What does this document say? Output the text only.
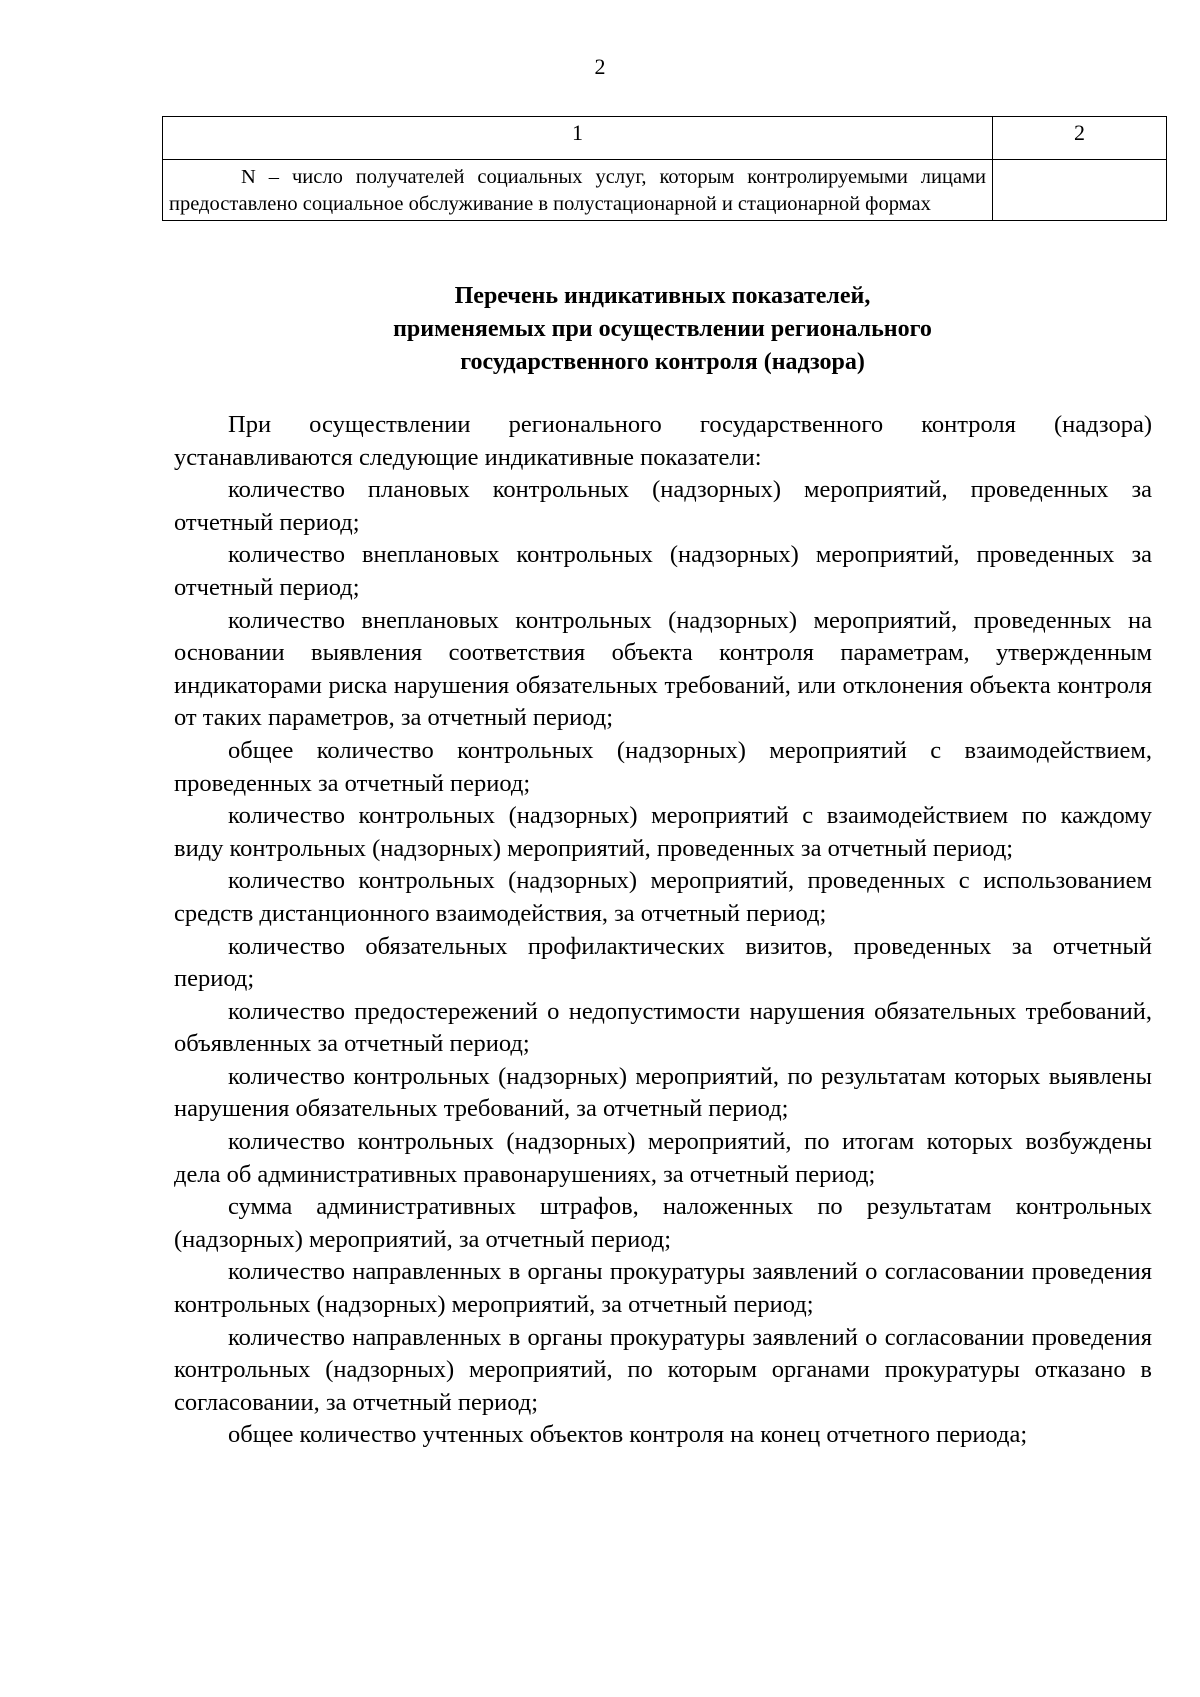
2
1	2
N – число получателей социальных услуг, которым контролируемыми лицами предоставлено социальное обслуживание в полустационарной и стационарной формах	
Перечень индикативных показателей,
применяемых при осуществлении регионального
государственного контроля (надзора)

При осуществлении регионального государственного контроля (надзора) устанавливаются следующие индикативные показатели:

количество плановых контрольных (надзорных) мероприятий, проведенных за отчетный период;

количество внеплановых контрольных (надзорных) мероприятий, проведенных за отчетный период;

количество внеплановых контрольных (надзорных) мероприятий, проведенных на основании выявления соответствия объекта контроля параметрам, утвержденным индикаторами риска нарушения обязательных требований, или отклонения объекта контроля от таких параметров, за отчетный период;

общее количество контрольных (надзорных) мероприятий с взаимодействием, проведенных за отчетный период;

количество контрольных (надзорных) мероприятий с взаимодействием по каждому виду контрольных (надзорных) мероприятий, проведенных за отчетный период;

количество контрольных (надзорных) мероприятий, проведенных с использованием средств дистанционного взаимодействия, за отчетный период;

количество обязательных профилактических визитов, проведенных за отчетный период;

количество предостережений о недопустимости нарушения обязательных требований, объявленных за отчетный период;

количество контрольных (надзорных) мероприятий, по результатам которых выявлены нарушения обязательных требований, за отчетный период;

количество контрольных (надзорных) мероприятий, по итогам которых возбуждены дела об административных правонарушениях, за отчетный период;

сумма административных штрафов, наложенных по результатам контрольных (надзорных) мероприятий, за отчетный период;

количество направленных в органы прокуратуры заявлений о согласовании проведения контрольных (надзорных) мероприятий, за отчетный период;

количество направленных в органы прокуратуры заявлений о согласовании проведения контрольных (надзорных) мероприятий, по которым органами прокуратуры отказано в согласовании, за отчетный период;

общее количество учтенных объектов контроля на конец отчетного периода;
